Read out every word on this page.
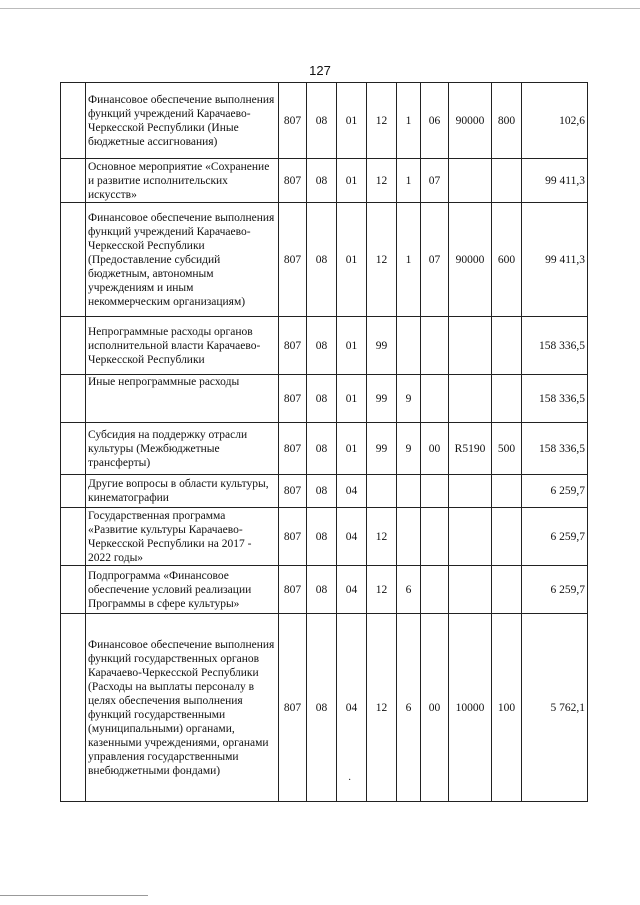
127
	Финансовое обеспечение выполнения функций учреждений Карачаево-Черкесской Республики (Иные бюджетные ассигнования)	807	08	01	12	1	06	90000	800	102,6
	Основное мероприятие «Сохранение и развитие исполнительских искусств»	807	08	01	12	1	07			99 411,3
	Финансовое обеспечение выполнения функций учреждений Карачаево-Черкесской Республики (Предоставление субсидий бюджетным, автономным учреждениям и иным некоммерческим организациям)	807	08	01	12	1	07	90000	600	99 411,3
	Непрограммные расходы органов исполнительной власти Карачаево-Черкесской Республики	807	08	01	99					158 336,5
	Иные непрограммные расходы	807	08	01	99	9				158 336,5
	Субсидия на поддержку отрасли культуры (Межбюджетные трансферты)	807	08	01	99	9	00	R5190	500	158 336,5
	Другие вопросы в области культуры, кинематографии	807	08	04						6 259,7
	Государственная программа «Развитие культуры Карачаево-Черкесской Республики на 2017 - 2022 годы»	807	08	04	12					6 259,7
	Подпрограмма «Финансовое обеспечение условий реализации Программы в сфере культуры»	807	08	04	12	6				6 259,7
	Финансовое обеспечение выполнения функций государственных органов Карачаево-Черкесской Республики (Расходы на выплаты персоналу в целях обеспечения выполнения функций государственными (муниципальными) органами, казенными учреждениями, органами управления государственными внебюджетными фондами)	807	08	04	12	6	00	10000	100	5 762,1
·
